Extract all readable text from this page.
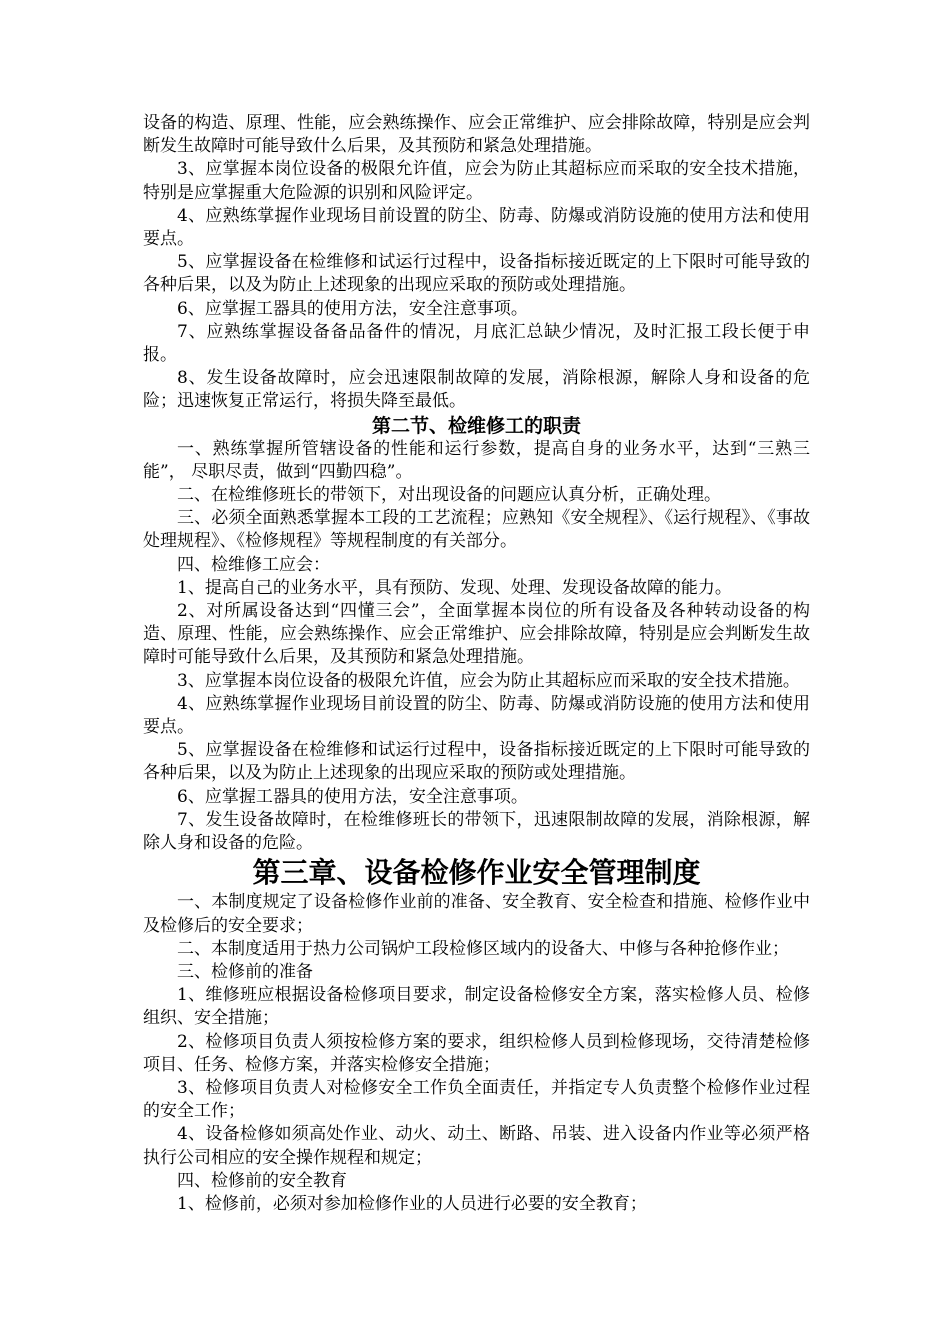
设备的构造、原理、性能，应会熟练操作、应会正常维护、应会排除故障，特别是应会判断发生故障时可能导致什么后果，及其预防和紧急处理措施。

3、应掌握本岗位设备的极限允许值，应会为防止其超标应而采取的安全技术措施，特别是应掌握重大危险源的识别和风险评定。

4、应熟练掌握作业现场目前设置的防尘、防毒、防爆或消防设施的使用方法和使用要点。

5、应掌握设备在检维修和试运行过程中，设备指标接近既定的上下限时可能导致的各种后果，以及为防止上述现象的出现应采取的预防或处理措施。

6、应掌握工器具的使用方法，安全注意事项。

7、应熟练掌握设备备品备件的情况，月底汇总缺少情况，及时汇报工段长便于申报。

8、发生设备故障时，应会迅速限制故障的发展，消除根源，解除人身和设备的危险；迅速恢复正常运行，将损失降至最低。

第二节、检维修工的职责

一、熟练掌握所管辖设备的性能和运行参数，提高自身的业务水平，达到“三熟三能”， 尽职尽责，做到“四勤四稳”。

二、在检维修班长的带领下，对出现设备的问题应认真分析，正确处理。

三、必须全面熟悉掌握本工段的工艺流程；应熟知《安全规程》、《运行规程》、《事故处理规程》、《检修规程》等规程制度的有关部分。

四、检维修工应会：

1、提高自己的业务水平，具有预防、发现、处理、发现设备故障的能力。

2、对所属设备达到“四懂三会”，全面掌握本岗位的所有设备及各种转动设备的构造、原理、性能，应会熟练操作、应会正常维护、应会排除故障，特别是应会判断发生故障时可能导致什么后果，及其预防和紧急处理措施。

3、应掌握本岗位设备的极限允许值，应会为防止其超标应而采取的安全技术措施。

4、应熟练掌握作业现场目前设置的防尘、防毒、防爆或消防设施的使用方法和使用要点。

5、应掌握设备在检维修和试运行过程中，设备指标接近既定的上下限时可能导致的各种后果，以及为防止上述现象的出现应采取的预防或处理措施。

6、应掌握工器具的使用方法，安全注意事项。

7、发生设备故障时，在检维修班长的带领下，迅速限制故障的发展，消除根源，解除人身和设备的危险。

第三章、设备检修作业安全管理制度

一、本制度规定了设备检修作业前的准备、安全教育、安全检查和措施、检修作业中及检修后的安全要求；

二、本制度适用于热力公司锅炉工段检修区域内的设备大、中修与各种抢修作业；

三、检修前的准备

1、维修班应根据设备检修项目要求，制定设备检修安全方案，落实检修人员、检修组织、安全措施；

2、检修项目负责人须按检修方案的要求，组织检修人员到检修现场，交待清楚检修项目、任务、检修方案，并落实检修安全措施；

3、检修项目负责人对检修安全工作负全面责任，并指定专人负责整个检修作业过程的安全工作；

4、设备检修如须高处作业、动火、动土、断路、吊装、进入设备内作业等必须严格执行公司相应的安全操作规程和规定；

四、检修前的安全教育

1、检修前，必须对参加检修作业的人员进行必要的安全教育；
